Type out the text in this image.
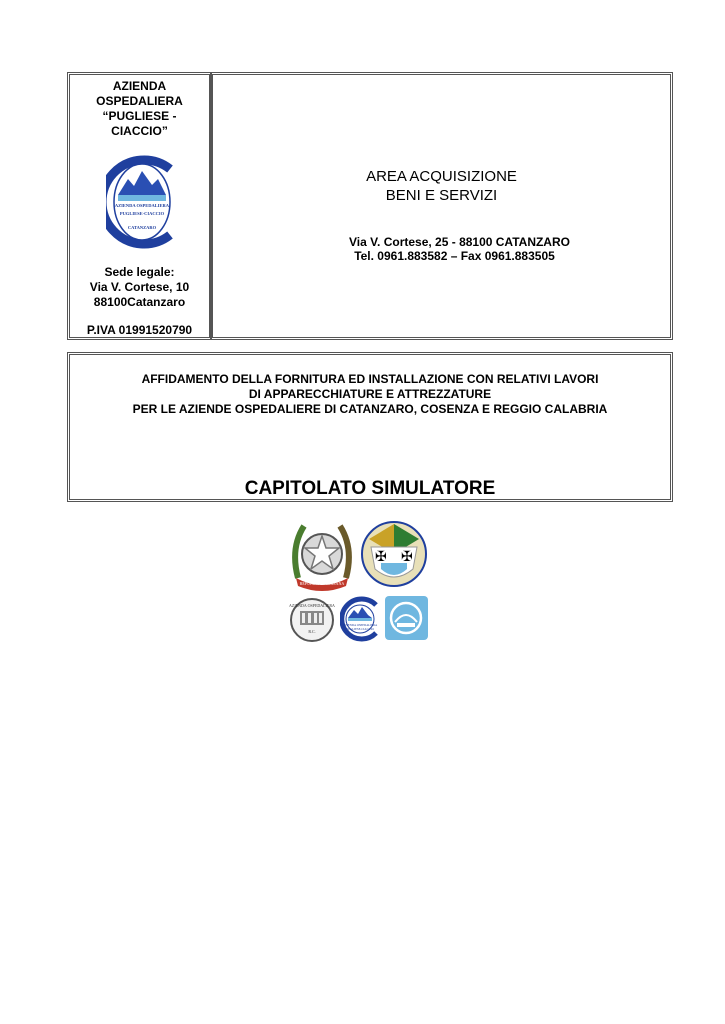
AZIENDA
OSPEDALIERA
“PUGLIESE -
CIACCIO”
AZIENDA OSPEDALIERA
PUGLIESE-CIACCIO
CATANZARO
Sede legale:
Via V. Cortese, 10
88100Catanzaro
P.IVA 01991520790
AREA ACQUISIZIONE
BENI E SERVIZI
Via V. Cortese, 25 - 88100 CATANZARO
Tel. 0961.883582 – Fax 0961.883505
AFFIDAMENTO DELLA FORNITURA ED INSTALLAZIONE CON RELATIVI LAVORI
DI APPARECCHIATURE E ATTREZZATURE
PER LE AZIENDE OSPEDALIERE DI CATANZARO, COSENZA E REGGIO CALABRIA
CAPITOLATO SIMULATORE
REPUBBLICA ITALIANA
✠ ✠
AZIENDA OSPEDALIERA
R.C.
AZIENDA OSPEDALIERA
PUGLIESE-CIACCIO
